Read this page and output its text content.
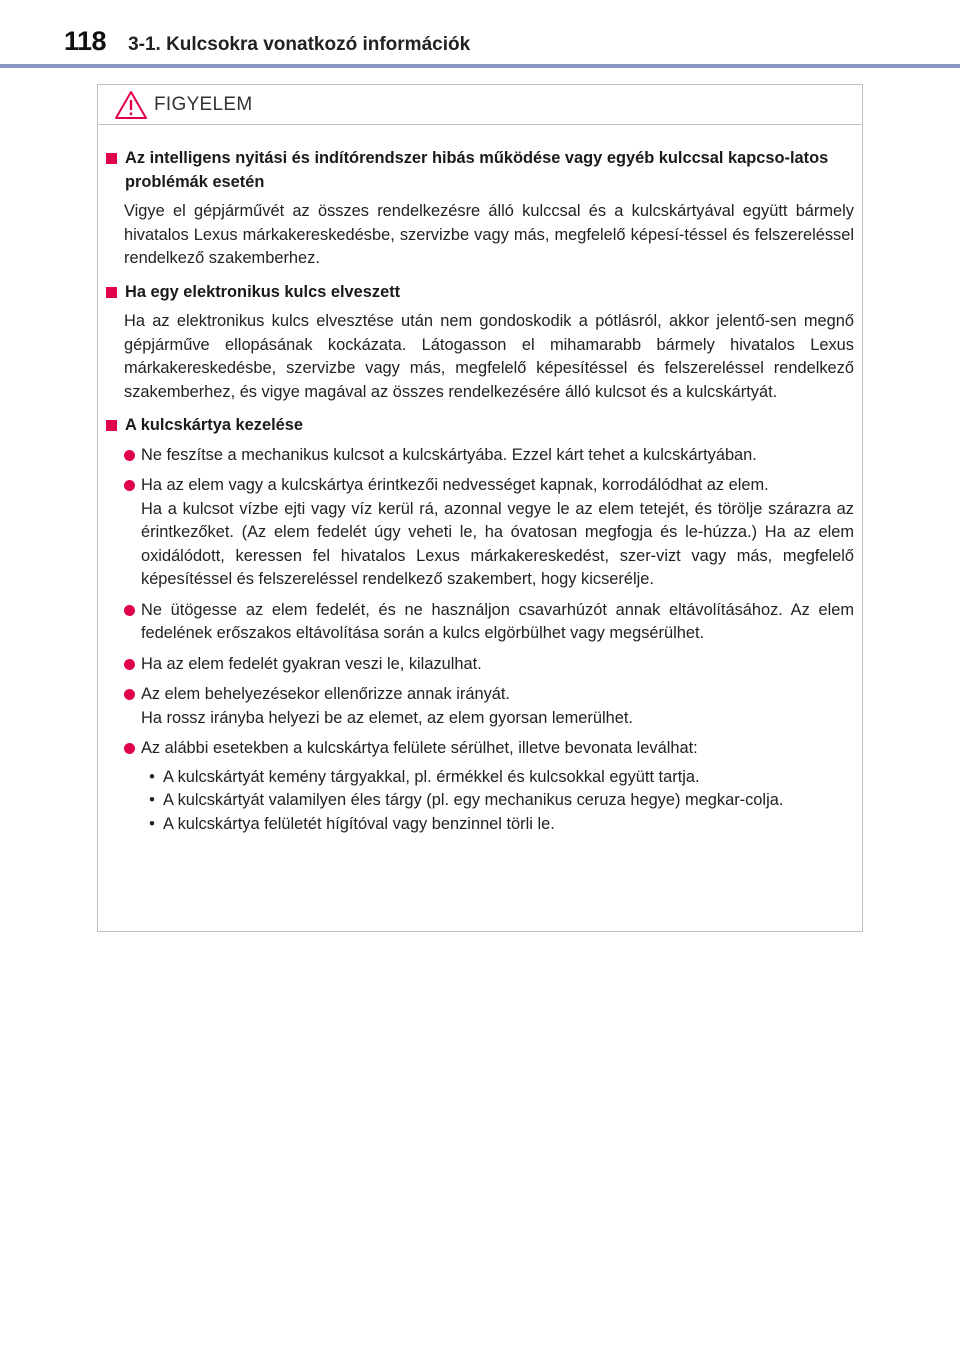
118 3-1. Kulcsokra vonatkozó információk
FIGYELEM
Az intelligens nyitási és indítórendszer hibás működése vagy egyéb kulccsal kapcso-latos problémák esetén

Vigye el gépjárművét az összes rendelkezésre álló kulccsal és a kulcskártyával együtt bármely hivatalos Lexus márkakereskedésbe, szervizbe vagy más, megfelelő képesí-téssel és felszereléssel rendelkező szakemberhez.

Ha egy elektronikus kulcs elveszett

Ha az elektronikus kulcs elvesztése után nem gondoskodik a pótlásról, akkor jelentő-sen megnő gépjárműve ellopásának kockázata. Látogasson el mihamarabb bármely hivatalos Lexus márkakereskedésbe, szervizbe vagy más, megfelelő képesítéssel és felszereléssel rendelkező szakemberhez, és vigye magával az összes rendelkezésére álló kulcsot és a kulcskártyát.

A kulcskártya kezelése
Ne feszítse a mechanikus kulcsot a kulcskártyába. Ezzel kárt tehet a kulcskártyában.
Ha az elem vagy a kulcskártya érintkezői nedvességet kapnak, korrodálódhat az elem.
Ha a kulcsot vízbe ejti vagy víz kerül rá, azonnal vegye le az elem tetejét, és törölje szárazra az érintkezőket. (Az elem fedelét úgy veheti le, ha óvatosan megfogja és le-húzza.) Ha az elem oxidálódott, keressen fel hivatalos Lexus márkakereskedést, szer-vizt vagy más, megfelelő képesítéssel és felszereléssel rendelkező szakembert, hogy kicserélje.
Ne ütögesse az elem fedelét, és ne használjon csavarhúzót annak eltávolításához. Az elem fedelének erőszakos eltávolítása során a kulcs elgörbülhet vagy megsérülhet.
Ha az elem fedelét gyakran veszi le, kilazulhat.
Az elem behelyezésekor ellenőrizze annak irányát.
Ha rossz irányba helyezi be az elemet, az elem gyorsan lemerülhet.
Az alábbi esetekben a kulcskártya felülete sérülhet, illetve bevonata leválhat:
• A kulcskártyát kemény tárgyakkal, pl. érmékkel és kulcsokkal együtt tartja.
• A kulcskártyát valamilyen éles tárgy (pl. egy mechanikus ceruza hegye) megkar-colja.
• A kulcskártya felületét hígítóval vagy benzinnel törli le.
